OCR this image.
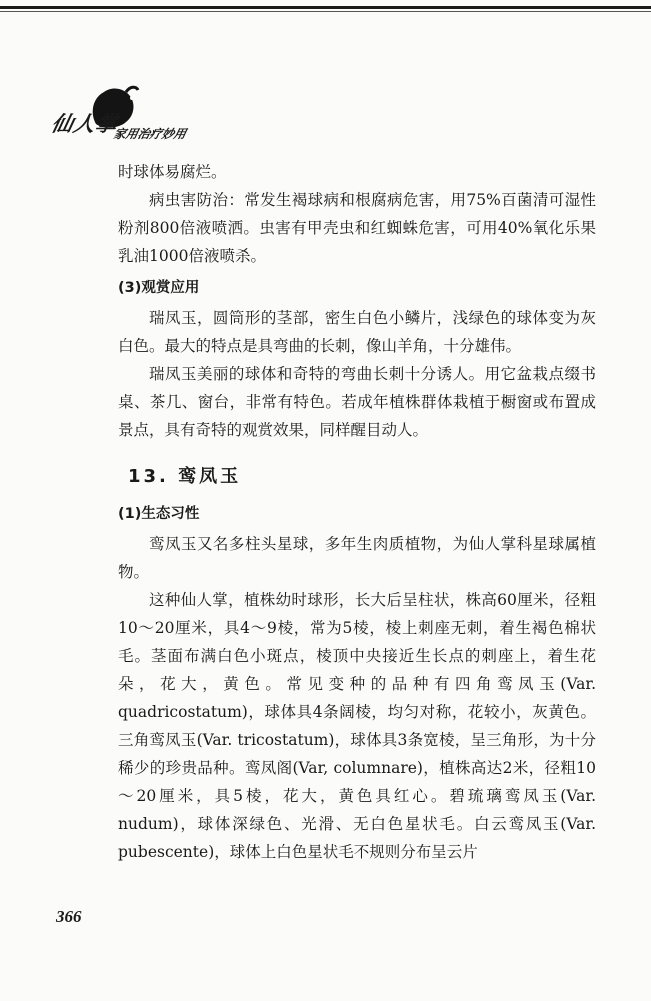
仙人掌
家用治疗妙用

时球体易腐烂。

病虫害防治：常发生褐球病和根腐病危害，用75%百菌清可湿性粉剂800倍液喷洒。虫害有甲壳虫和红蜘蛛危害，可用40%氧化乐果乳油1000倍液喷杀。

(3)观赏应用

瑞凤玉，圆筒形的茎部，密生白色小鳞片，浅绿色的球体变为灰白色。最大的特点是具弯曲的长刺，像山羊角，十分雄伟。

瑞凤玉美丽的球体和奇特的弯曲长刺十分诱人。用它盆栽点缀书桌、茶几、窗台，非常有特色。若成年植株群体栽植于橱窗或布置成景点，具有奇特的观赏效果，同样醒目动人。

13. 鸾凤玉
(1)生态习性

鸾凤玉又名多柱头星球，多年生肉质植物，为仙人掌科星球属植物。

这种仙人掌，植株幼时球形，长大后呈柱状，株高60厘米，径粗10～20厘米，具4～9棱，常为5棱，棱上刺座无刺，着生褐色棉状毛。茎面布满白色小斑点，棱顶中央接近生长点的刺座上，着生花朵，花大，黄色。常见变种的品种有四角鸾凤玉(Var. quadricostatum)，球体具4条阔棱，均匀对称，花较小，灰黄色。三角鸾凤玉(Var. tricostatum)，球体具3条宽棱，呈三角形，为十分稀少的珍贵品种。鸾凤阁(Var, columnare)，植株高达2米，径粗10～20厘米，具5棱，花大，黄色具红心。碧琉璃鸾凤玉(Var. nudum)，球体深绿色、光滑、无白色星状毛。白云鸾凤玉(Var. pubescente)，球体上白色星状毛不规则分布呈云片

366
